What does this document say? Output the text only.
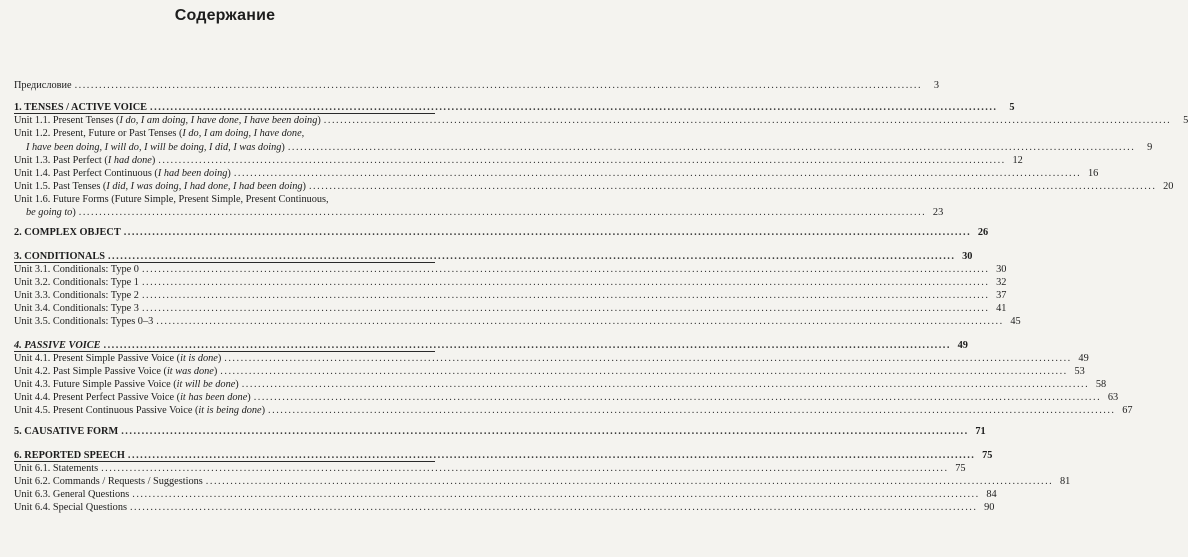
Содержание
Предисловие .....	3
1. TENSES / ACTIVE VOICE .....	5
Unit 1.1. Present Tenses (I do, I am doing, I have done, I have been doing) .....	5
Unit 1.2. Present, Future or Past Tenses (I do, I am doing, I have done,
I have been doing, I will do, I will be doing, I did, I was doing) .....	9
Unit 1.3. Past Perfect (I had done) .....	12
Unit 1.4. Past Perfect Continuous (I had been doing) .....	16
Unit 1.5. Past Tenses (I did, I was doing, I had done, I had been doing) .....	20
Unit 1.6. Future Forms (Future Simple, Present Simple, Present Continuous,
be going to) .....	23
2. COMPLEX OBJECT .....	26
3. CONDITIONALS .....	30
Unit 3.1. Conditionals: Type 0 .....	30
Unit 3.2. Conditionals: Type 1 .....	32
Unit 3.3. Conditionals: Type 2 .....	37
Unit 3.4. Conditionals: Type 3 .....	41
Unit 3.5. Conditionals: Types 0–3 .....	45
4. PASSIVE VOICE .....	49
Unit 4.1. Present Simple Passive Voice (it is done) .....	49
Unit 4.2. Past Simple Passive Voice (it was done) .....	53
Unit 4.3. Future Simple Passive Voice (it will be done) .....	58
Unit 4.4. Present Perfect Passive Voice (it has been done) .....	63
Unit 4.5. Present Continuous Passive Voice (it is being done) .....	67
5. CAUSATIVE FORM .....	71
6. REPORTED SPEECH .....	75
Unit 6.1. Statements .....	75
Unit 6.2. Commands / Requests / Suggestions .....	81
Unit 6.3. General Questions .....	84
Unit 6.4. Special Questions .....	90
